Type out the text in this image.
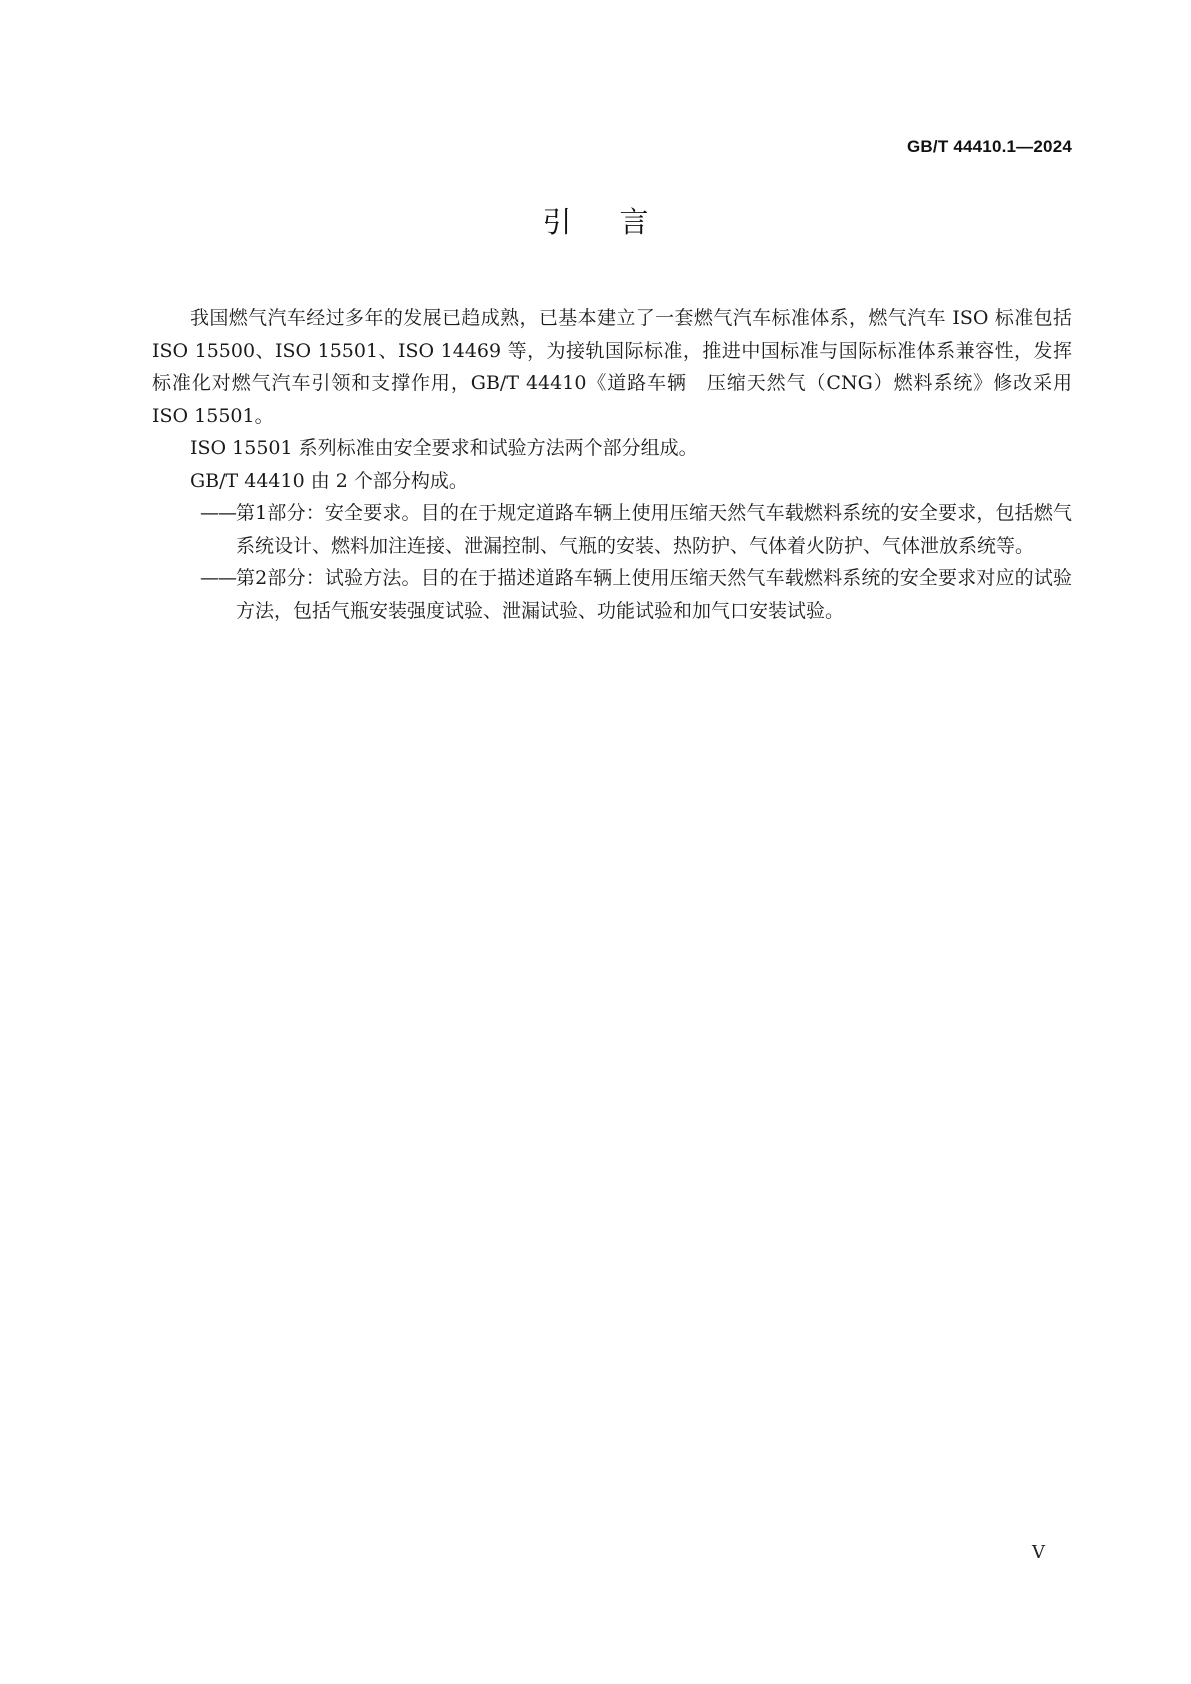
GB/T 44410.1—2024
引言

我国燃气汽车经过多年的发展已趋成熟，已基本建立了一套燃气汽车标准体系，燃气汽车 ISO 标准包括 ISO 15500、ISO 15501、ISO 14469 等，为接轨国际标准，推进中国标准与国际标准体系兼容性，发挥标准化对燃气汽车引领和支撑作用，GB/T 44410《道路车辆　压缩天然气（CNG）燃料系统》修改采用 ISO 15501。

ISO 15501 系列标准由安全要求和试验方法两个部分组成。

GB/T 44410 由 2 个部分构成。

—— 第1部分：安全要求。目的在于规定道路车辆上使用压缩天然气车载燃料系统的安全要求，包括燃气系统设计、燃料加注连接、泄漏控制、气瓶的安装、热防护、气体着火防护、气体泄放系统等。
—— 第2部分：试验方法。目的在于描述道路车辆上使用压缩天然气车载燃料系统的安全要求对应的试验方法，包括气瓶安装强度试验、泄漏试验、功能试验和加气口安装试验。
V
